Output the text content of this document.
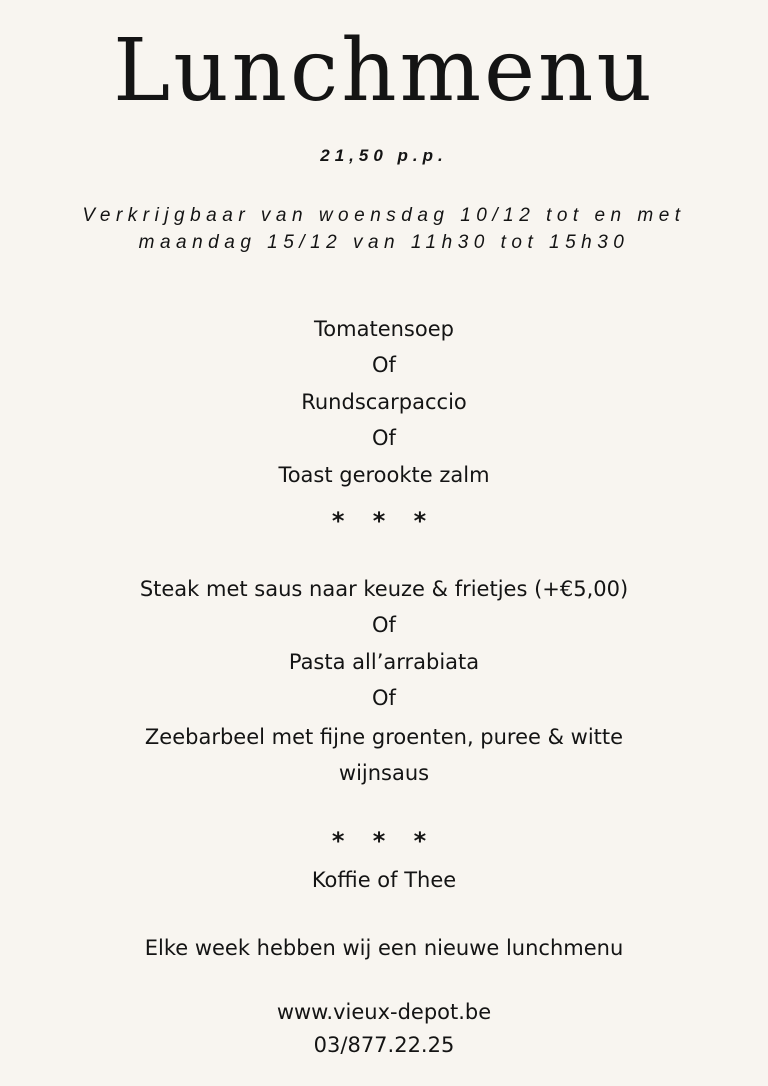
Lunchmenu
21,50 p.p.
Verkrijgbaar van woensdag 10/12 tot en met maandag 15/12 van 11h30 tot 15h30
Tomatensoep
Of
Rundscarpaccio
Of
Toast gerookte zalm
* * *
Steak met saus naar keuze & frietjes (+€5,00)
Of
Pasta all’arrabiata
Of
Zeebarbeel met fijne groenten, puree & witte wijnsaus
* * *
Koffie of Thee
Elke week hebben wij een nieuwe lunchmenu
www.vieux-depot.be
03/877.22.25
